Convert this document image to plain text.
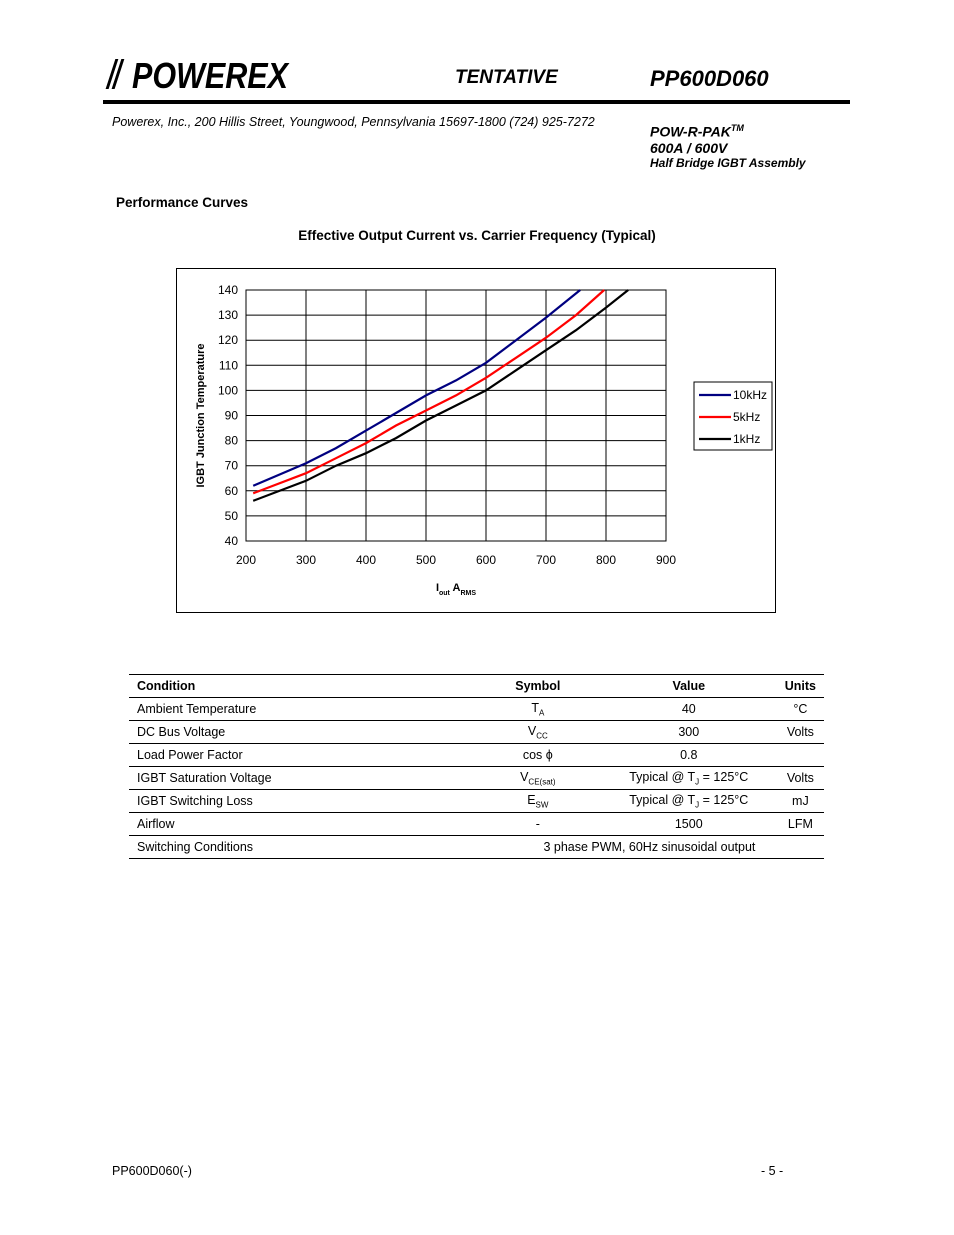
POWEREX	TENTATIVE	PP600D060
Powerex, Inc., 200 Hillis Street, Youngwood, Pennsylvania 15697-1800 (724) 925-7272
POW-R-PAK™
600A / 600V
Half Bridge IGBT Assembly
Performance Curves
Effective Output Current vs. Carrier Frequency (Typical)
200	300	400	500	600	700	800	900
40
50
60
70
80
90
100
110
120
130
140
IGBT Junction Temperature
$I_{out}$ $A_{RMS}$
10kHz
5kHz
1kHz
Condition	Symbol	Value	Units
Ambient Temperature	$T_A$	40	°C
DC Bus Voltage	$V_{CC}$	300	Volts
Load Power Factor	cos ϕ	0.8	
IGBT Saturation Voltage	$V_{CE(sat)}$	Typical @ $T_J = 125^\circ C$	Volts
IGBT Switching Loss	$E_{SW}$	Typical @ $T_J = 125^\circ C$	mJ
Airflow	-	1500	LFM
Switching Conditions	3 phase PWM, 60Hz sinusoidal output		
PP600D060(-)	- 5 -
